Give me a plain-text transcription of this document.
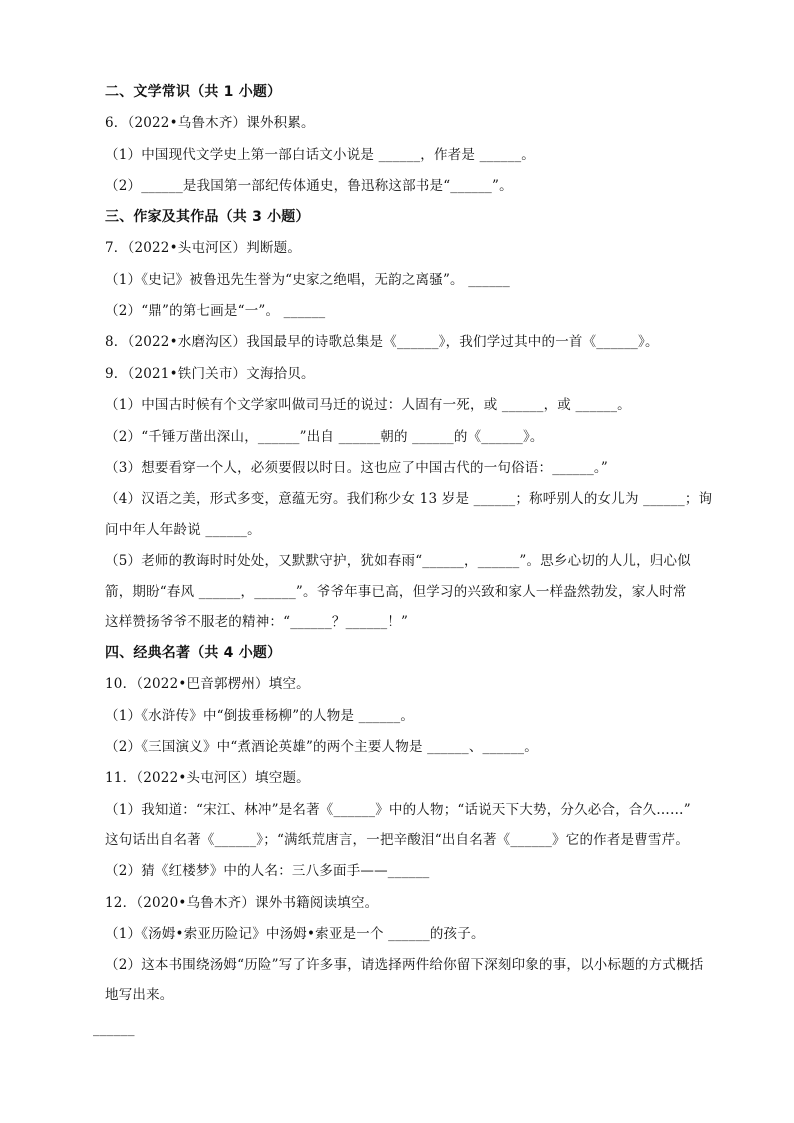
二、文学常识（共 1 小题）
6．（2022•乌鲁木齐）课外积累。
（1）中国现代文学史上第一部白话文小说是 ______，作者是 ______。
（2）______是我国第一部纪传体通史，鲁迅称这部书是“______”。
三、作家及其作品（共 3 小题）
7．（2022•头屯河区）判断题。
（1）《史记》被鲁迅先生誉为“史家之绝唱，无韵之离骚”。 ______
（2）“鼎”的第七画是“一”。 ______
8．（2022•水磨沟区）我国最早的诗歌总集是《______》，我们学过其中的一首《______》。
9．（2021•铁门关市）文海拾贝。
（1）中国古时候有个文学家叫做司马迁的说过：人固有一死，或 ______，或 ______。
（2）“千锤万凿出深山，______”出自 ______朝的 ______的《______》。
（3）想要看穿一个人，必须要假以时日。这也应了中国古代的一句俗语：______。”
（4）汉语之美，形式多变，意蕴无穷。我们称少女 13 岁是 ______；称呼别人的女儿为 ______；询
问中年人年龄说 ______。
（5）老师的教诲时时处处，又默默守护，犹如春雨“______，______”。思乡心切的人儿，归心似
箭，期盼“春风 ______，______”。爷爷年事已高，但学习的兴致和家人一样盎然勃发，家人时常
这样赞扬爷爷不服老的精神：“______？______！”
四、经典名著（共 4 小题）
10．（2022•巴音郭楞州）填空。
（1）《水浒传》中“倒拔垂杨柳”的人物是 ______。
（2）《三国演义》中“煮酒论英雄”的两个主要人物是 ______、______。
11．（2022•头屯河区）填空题。
（1）我知道：“宋江、林冲”是名著《______》中的人物；“话说天下大势，分久必合，合久……”
这句话出自名著《______》；“满纸荒唐言，一把辛酸泪“出自名著《______》它的作者是曹雪芹。
（2）猜《红楼梦》中的人名：三八多面手——______
12．（2020•乌鲁木齐）课外书籍阅读填空。
（1）《汤姆•索亚历险记》中汤姆•索亚是一个 ______的孩子。
（2）这本书围绕汤姆“历险”写了许多事，请选择两件给你留下深刻印象的事，以小标题的方式概括
地写出来。
______
